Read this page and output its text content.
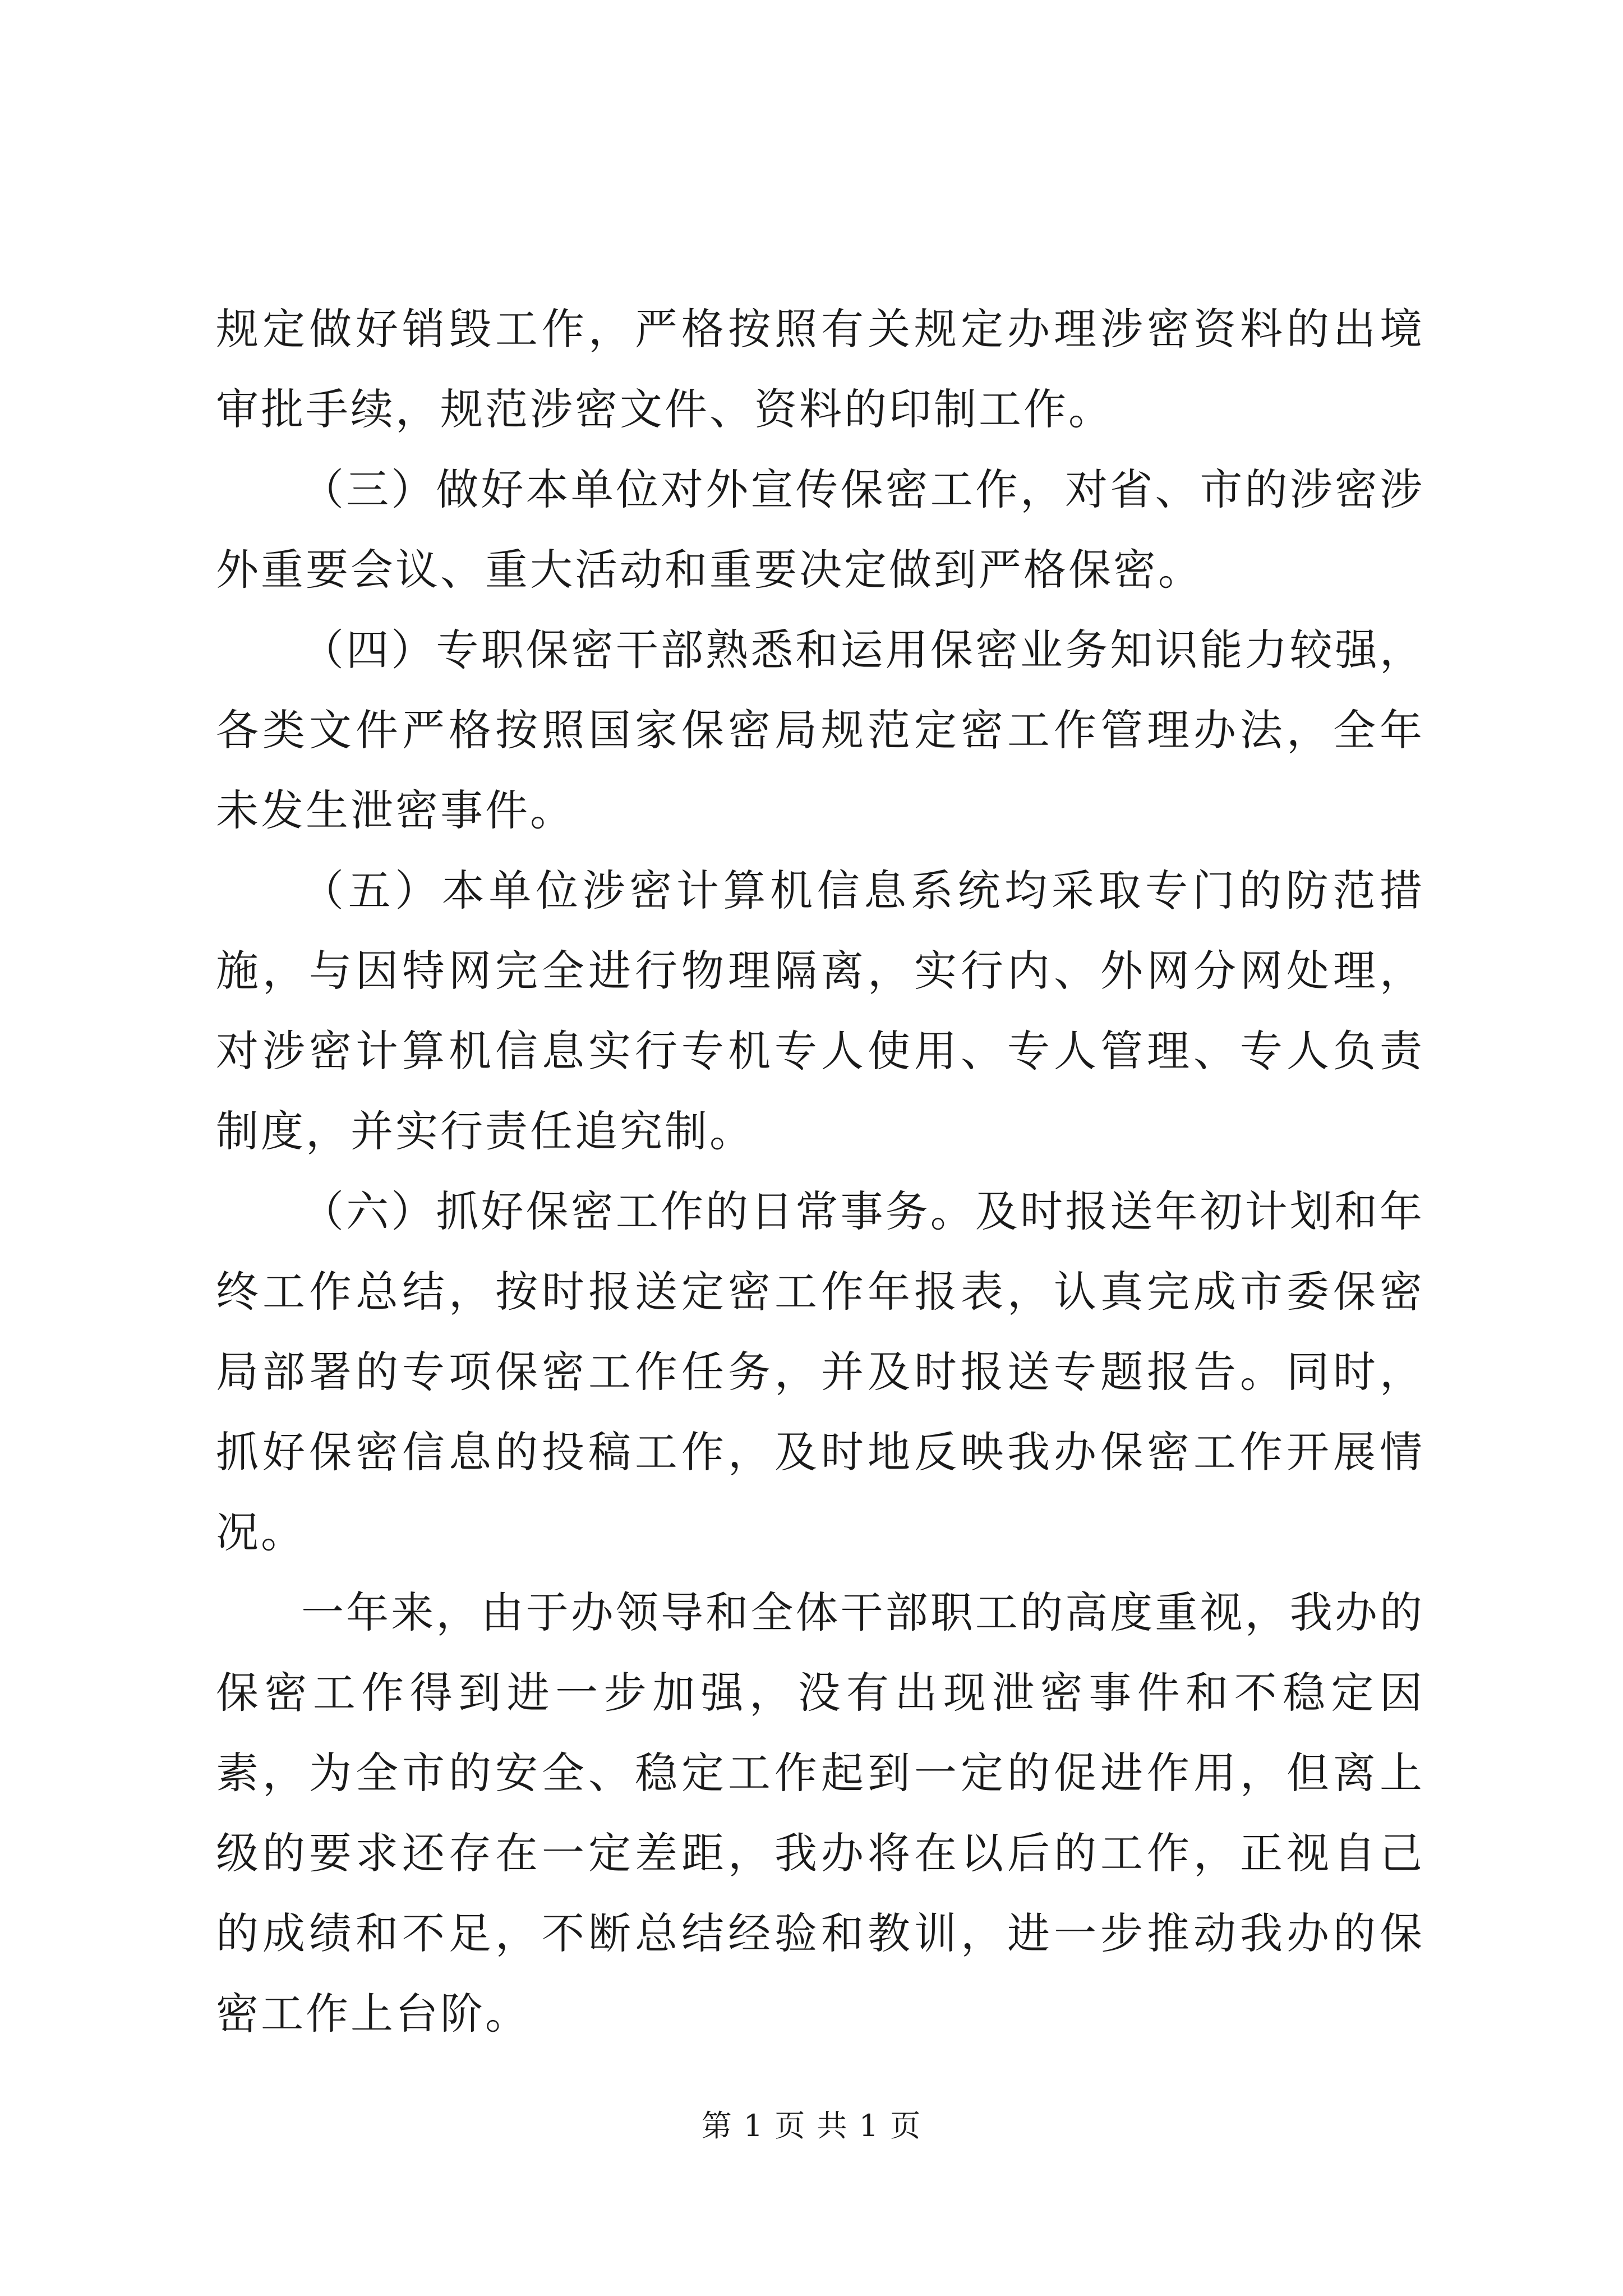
规定做好销毁工作，严格按照有关规定办理涉密资料的出境审批手续，规范涉密文件、资料的印制工作。

（三）做好本单位对外宣传保密工作，对省、市的涉密涉外重要会议、重大活动和重要决定做到严格保密。

（四）专职保密干部熟悉和运用保密业务知识能力较强，各类文件严格按照国家保密局规范定密工作管理办法，全年未发生泄密事件。

（五）本单位涉密计算机信息系统均采取专门的防范措施，与因特网完全进行物理隔离，实行内、外网分网处理，对涉密计算机信息实行专机专人使用、专人管理、专人负责制度，并实行责任追究制。

（六）抓好保密工作的日常事务。及时报送年初计划和年终工作总结，按时报送定密工作年报表，认真完成市委保密局部署的专项保密工作任务，并及时报送专题报告。同时，抓好保密信息的投稿工作，及时地反映我办保密工作开展情况。

一年来，由于办领导和全体干部职工的高度重视，我办的保密工作得到进一步加强，没有出现泄密事件和不稳定因素，为全市的安全、稳定工作起到一定的促进作用，但离上级的要求还存在一定差距，我办将在以后的工作，正视自己的成绩和不足，不断总结经验和教训，进一步推动我办的保密工作上台阶。

第 1 页 共 1 页
